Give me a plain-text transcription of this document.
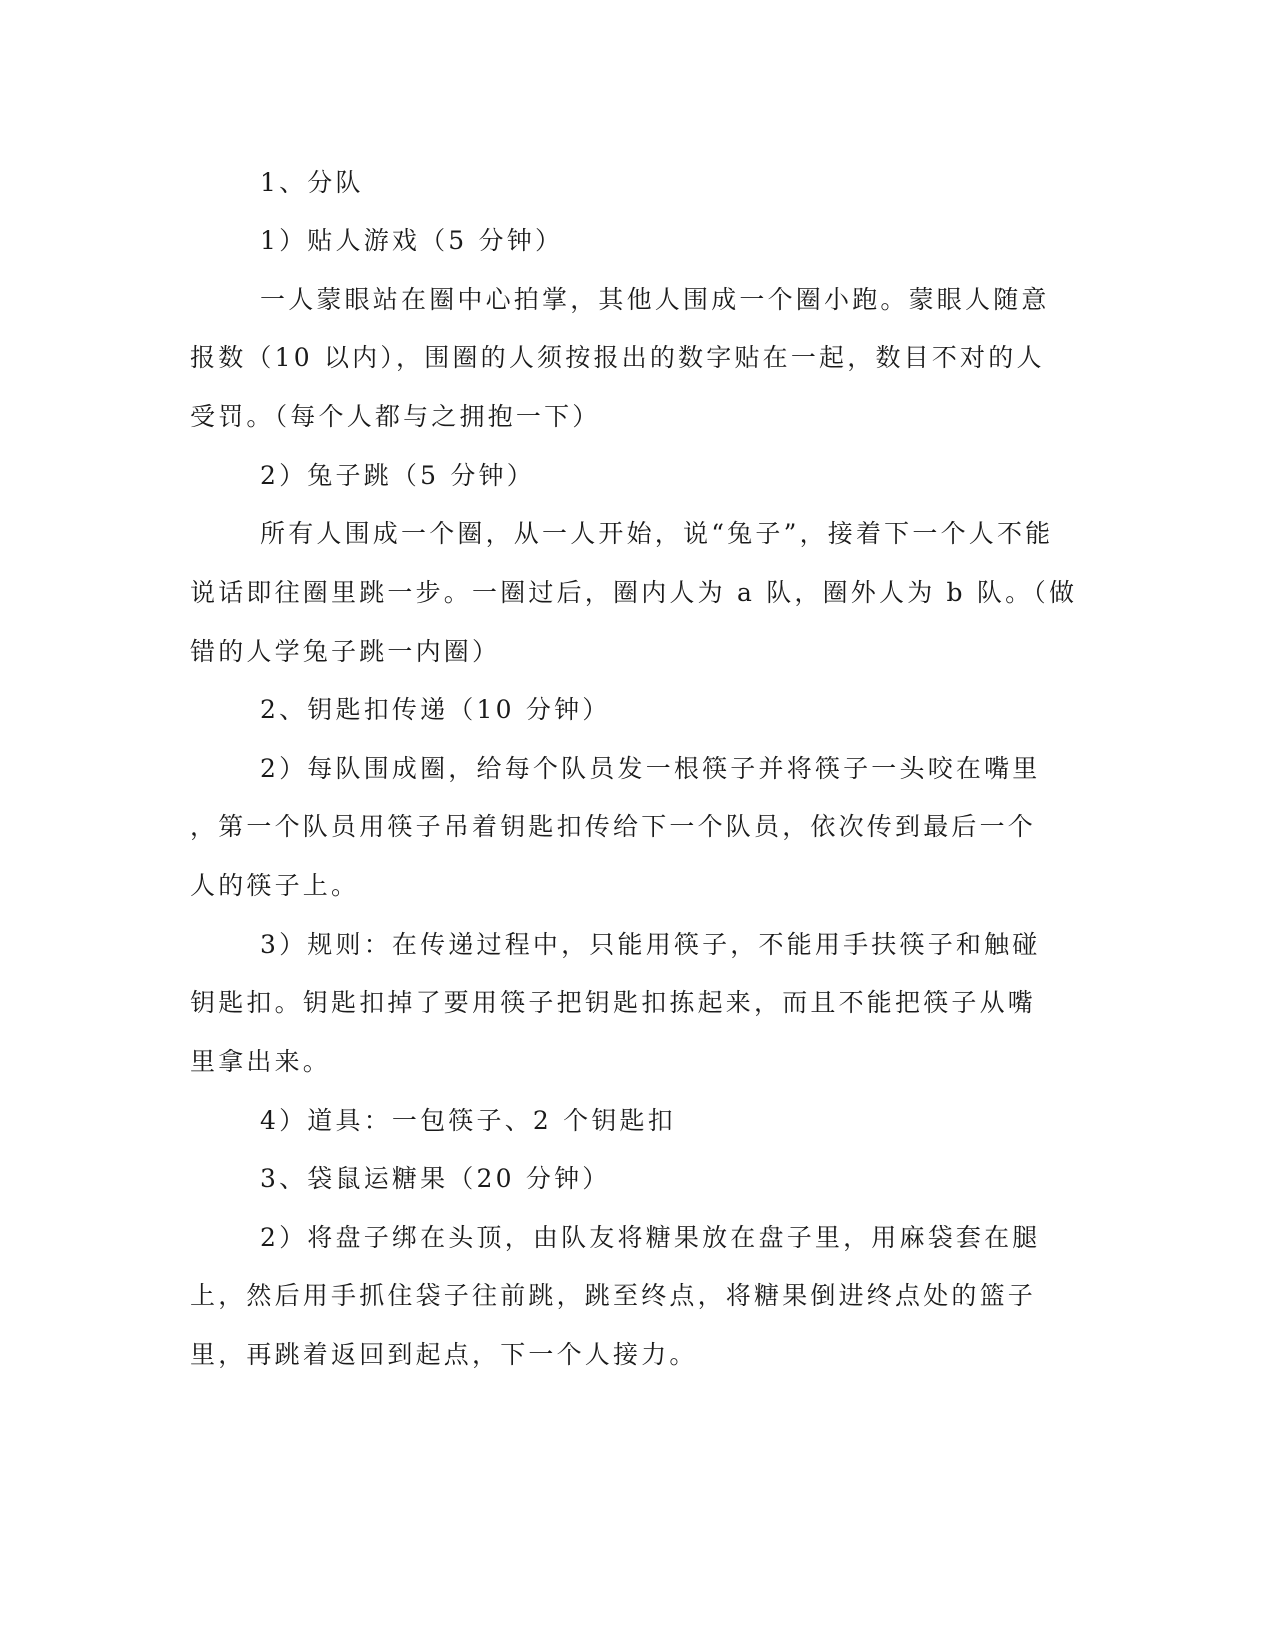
1、分队
1）贴人游戏（5 分钟）
一人蒙眼站在圈中心拍掌，其他人围成一个圈小跑。蒙眼人随意
报数（10 以内），围圈的人须按报出的数字贴在一起，数目不对的人
受罚。（每个人都与之拥抱一下）
2）兔子跳（5 分钟）
所有人围成一个圈，从一人开始，说“兔子”，接着下一个人不能
说话即往圈里跳一步。一圈过后，圈内人为 a 队，圈外人为 b 队。（做
错的人学兔子跳一内圈）
2、钥匙扣传递（10 分钟）
2）每队围成圈，给每个队员发一根筷子并将筷子一头咬在嘴里
，第一个队员用筷子吊着钥匙扣传给下一个队员，依次传到最后一个
人的筷子上。
3）规则：在传递过程中，只能用筷子，不能用手扶筷子和触碰
钥匙扣。钥匙扣掉了要用筷子把钥匙扣拣起来，而且不能把筷子从嘴
里拿出来。
4）道具：一包筷子、2 个钥匙扣
3、袋鼠运糖果（20 分钟）
2）将盘子绑在头顶，由队友将糖果放在盘子里，用麻袋套在腿
上，然后用手抓住袋子往前跳，跳至终点，将糖果倒进终点处的篮子
里，再跳着返回到起点，下一个人接力。
